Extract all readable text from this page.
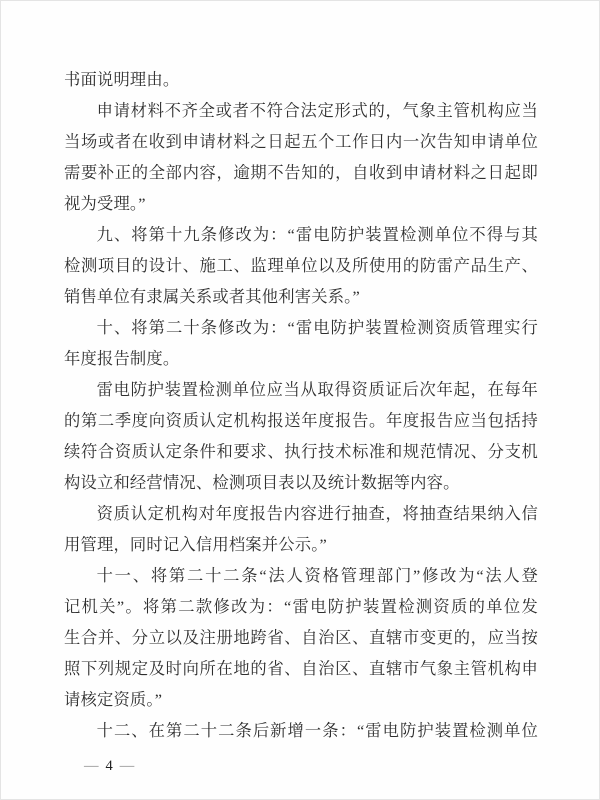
书面说明理由。
申请材料不齐全或者不符合法定形式的，气象主管机构应当
当场或者在收到申请材料之日起五个工作日内一次告知申请单位
需要补正的全部内容，逾期不告知的，自收到申请材料之日起即
视为受理。”
九、将第十九条修改为：“雷电防护装置检测单位不得与其
检测项目的设计、施工、监理单位以及所使用的防雷产品生产、
销售单位有隶属关系或者其他利害关系。”
十、将第二十条修改为：“雷电防护装置检测资质管理实行
年度报告制度。
雷电防护装置检测单位应当从取得资质证后次年起，在每年
的第二季度向资质认定机构报送年度报告。年度报告应当包括持
续符合资质认定条件和要求、执行技术标准和规范情况、分支机
构设立和经营情况、检测项目表以及统计数据等内容。
资质认定机构对年度报告内容进行抽查，将抽查结果纳入信
用管理，同时记入信用档案并公示。”
十一、将第二十二条“法人资格管理部门”修改为“法人登
记机关”。将第二款修改为：“雷电防护装置检测资质的单位发
生合并、分立以及注册地跨省、自治区、直辖市变更的，应当按
照下列规定及时向所在地的省、自治区、直辖市气象主管机构申
请核定资质。”
十二、在第二十二条后新增一条：“雷电防护装置检测单位
— 4 —
